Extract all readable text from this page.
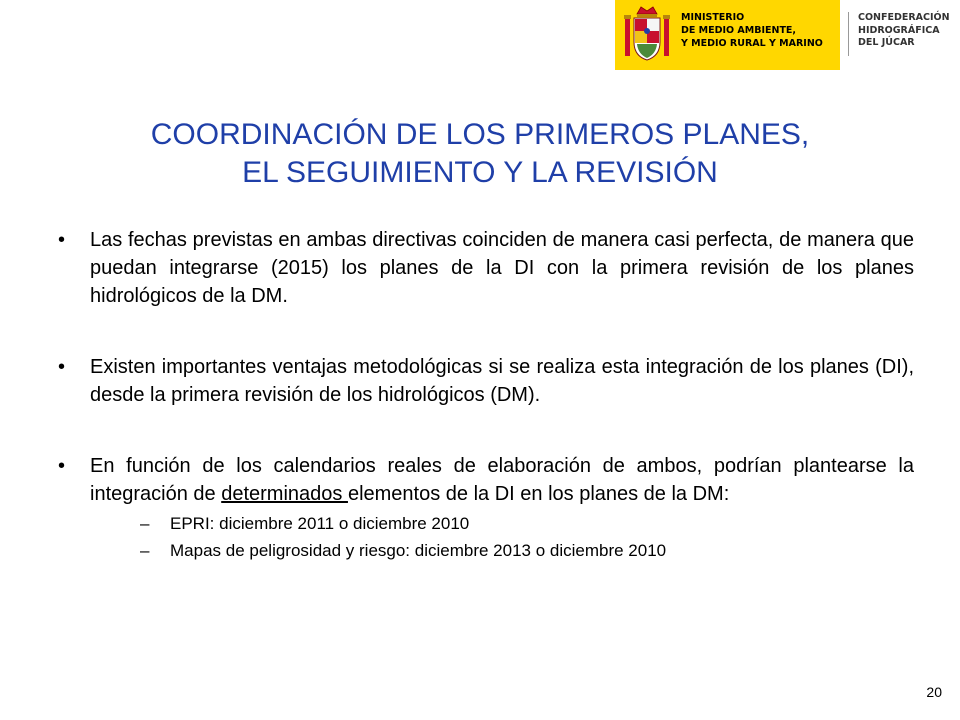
MINISTERIO
DE MEDIO AMBIENTE,
Y MEDIO RURAL Y MARINO
CONFEDERACIÓN
HIDROGRÁFICA
DEL JÚCAR
COORDINACIÓN DE LOS PRIMEROS PLANES,
EL SEGUIMIENTO Y LA REVISIÓN
• Las fechas previstas en ambas directivas coinciden de manera casi perfecta, de manera que puedan integrarse (2015) los planes de la DI con la primera revisión de los planes hidrológicos de la DM.
• Existen importantes ventajas metodológicas si se realiza esta integración de los planes (DI), desde la primera revisión de los hidrológicos (DM).
• En función de los calendarios reales de elaboración de ambos, podrían plantearse la integración de determinados elementos de la DI en los planes de la DM:
– EPRI: diciembre 2011 o diciembre 2010
– Mapas de peligrosidad y riesgo: diciembre 2013 o diciembre 2010
20
